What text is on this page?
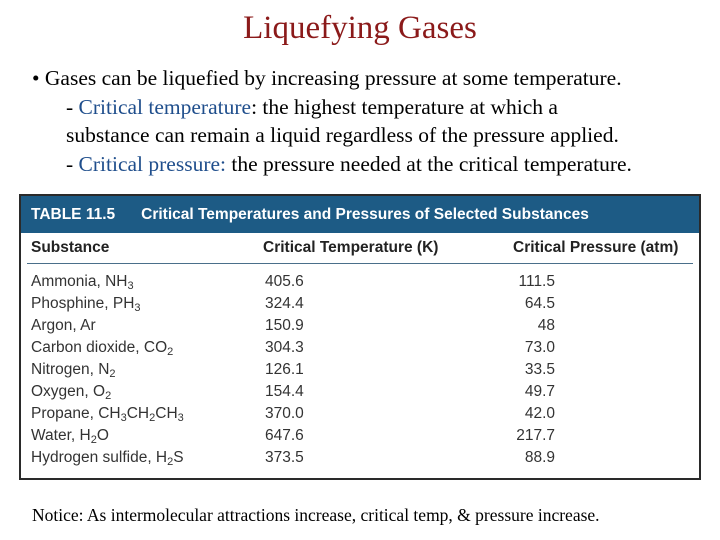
Liquefying Gases

• Gases can be liquefied by increasing pressure at some temperature.

- Critical temperature: the highest temperature at which a

substance can remain a liquid regardless of the pressure applied.

- Critical pressure: the pressure needed at the critical temperature.

TABLE 11.5 Critical Temperatures and Pressures of Selected Substances
Substance	Critical Temperature (K)	Critical Pressure (atm)
Ammonia, $NH_3$	405.6	111.5
Phosphine, $PH_3$	324.4	64.5
Argon, Ar	150.9	48
Carbon dioxide, $CO_2$	304.3	73.0
Nitrogen, $N_2$	126.1	33.5
Oxygen, $O_2$	154.4	49.7
Propane, $CH_3CH_2CH_3$	370.0	42.0
Water, $H_2O$	647.6	217.7
Hydrogen sulfide, $H_2S$	373.5	88.9
Notice: As intermolecular attractions increase, critical temp, & pressure increase.
